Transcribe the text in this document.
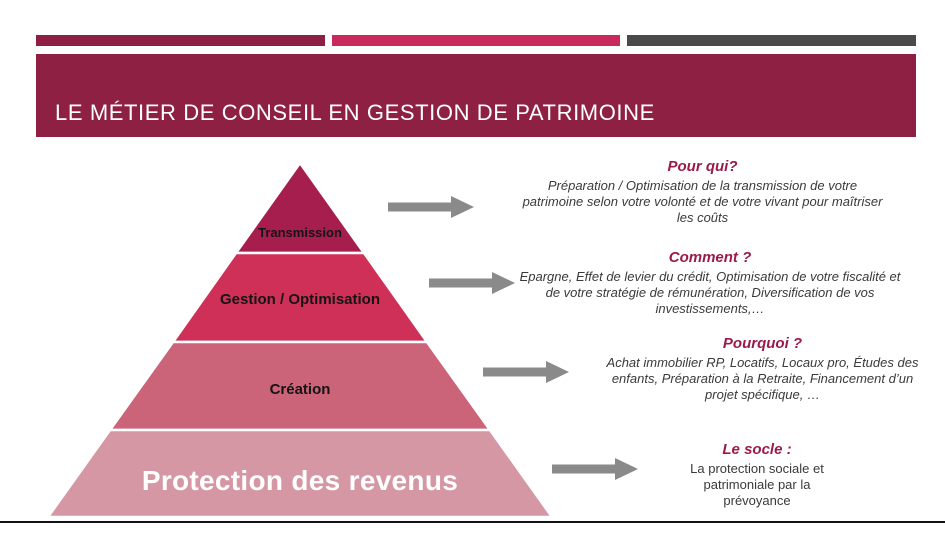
LE MÉTIER DE CONSEIL EN GESTION DE PATRIMOINE
Transmission
Gestion / Optimisation
Création
Protection des revenus
Pour qui?
Préparation / Optimisation de la transmission de votre
patrimoine selon votre volonté et de votre vivant pour maîtriser
les coûts
Comment ?
Epargne, Effet de levier du crédit, Optimisation de votre fiscalité et
de votre stratégie de rémunération, Diversification de vos
investissements,…
Pourquoi ?
Achat immobilier RP, Locatifs, Locaux pro, Études des
enfants, Préparation à la Retraite, Financement d’un
projet spécifique, …
Le socle :
La protection sociale et
patrimoniale par la
prévoyance
